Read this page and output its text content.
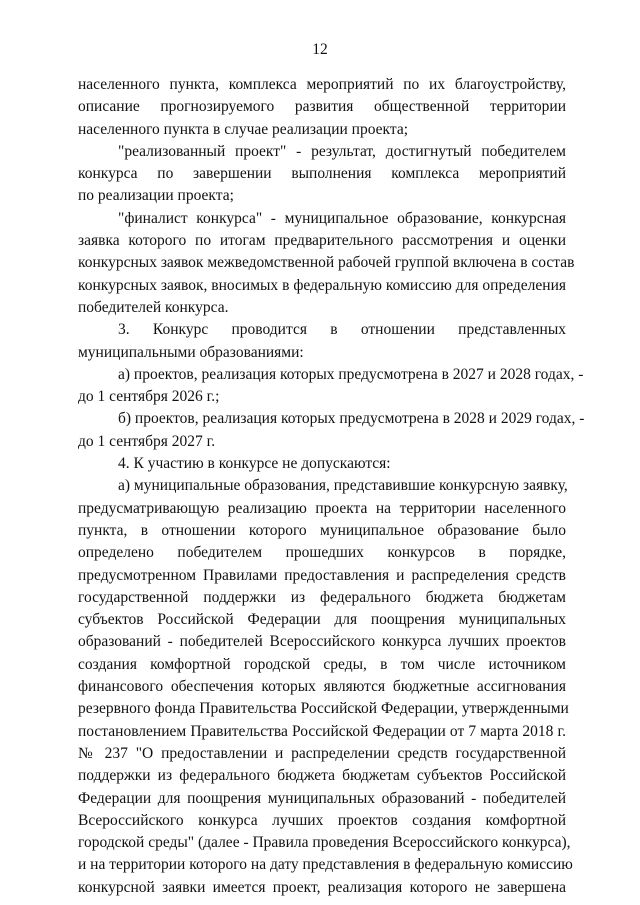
12
населенного пункта, комплекса мероприятий по их благоустройству,
описание прогнозируемого развития общественной территории
населенного пункта в случае реализации проекта;
"реализованный проект" - результат, достигнутый победителем
конкурса по завершении выполнения комплекса мероприятий
по реализации проекта;
"финалист конкурса" - муниципальное образование, конкурсная
заявка которого по итогам предварительного рассмотрения и оценки
конкурсных заявок межведомственной рабочей группой включена в состав
конкурсных заявок, вносимых в федеральную комиссию для определения
победителей конкурса.
3. Конкурс проводится в отношении представленных
муниципальными образованиями:
а) проектов, реализация которых предусмотрена в 2027 и 2028 годах, -
до 1 сентября 2026 г.;
б) проектов, реализация которых предусмотрена в 2028 и 2029 годах, -
до 1 сентября 2027 г.
4. К участию в конкурсе не допускаются:
а) муниципальные образования, представившие конкурсную заявку,
предусматривающую реализацию проекта на территории населенного
пункта, в отношении которого муниципальное образование было
определено победителем прошедших конкурсов в порядке,
предусмотренном Правилами предоставления и распределения средств
государственной поддержки из федерального бюджета бюджетам
субъектов Российской Федерации для поощрения муниципальных
образований - победителей Всероссийского конкурса лучших проектов
создания комфортной городской среды, в том числе источником
финансового обеспечения которых являются бюджетные ассигнования
резервного фонда Правительства Российской Федерации, утвержденными
постановлением Правительства Российской Федерации от 7 марта 2018 г.
№ 237 "О предоставлении и распределении средств государственной
поддержки из федерального бюджета бюджетам субъектов Российской
Федерации для поощрения муниципальных образований - победителей
Всероссийского конкурса лучших проектов создания комфортной
городской среды" (далее - Правила проведения Всероссийского конкурса),
и на территории которого на дату представления в федеральную комиссию
конкурсной заявки имеется проект, реализация которого не завершена
